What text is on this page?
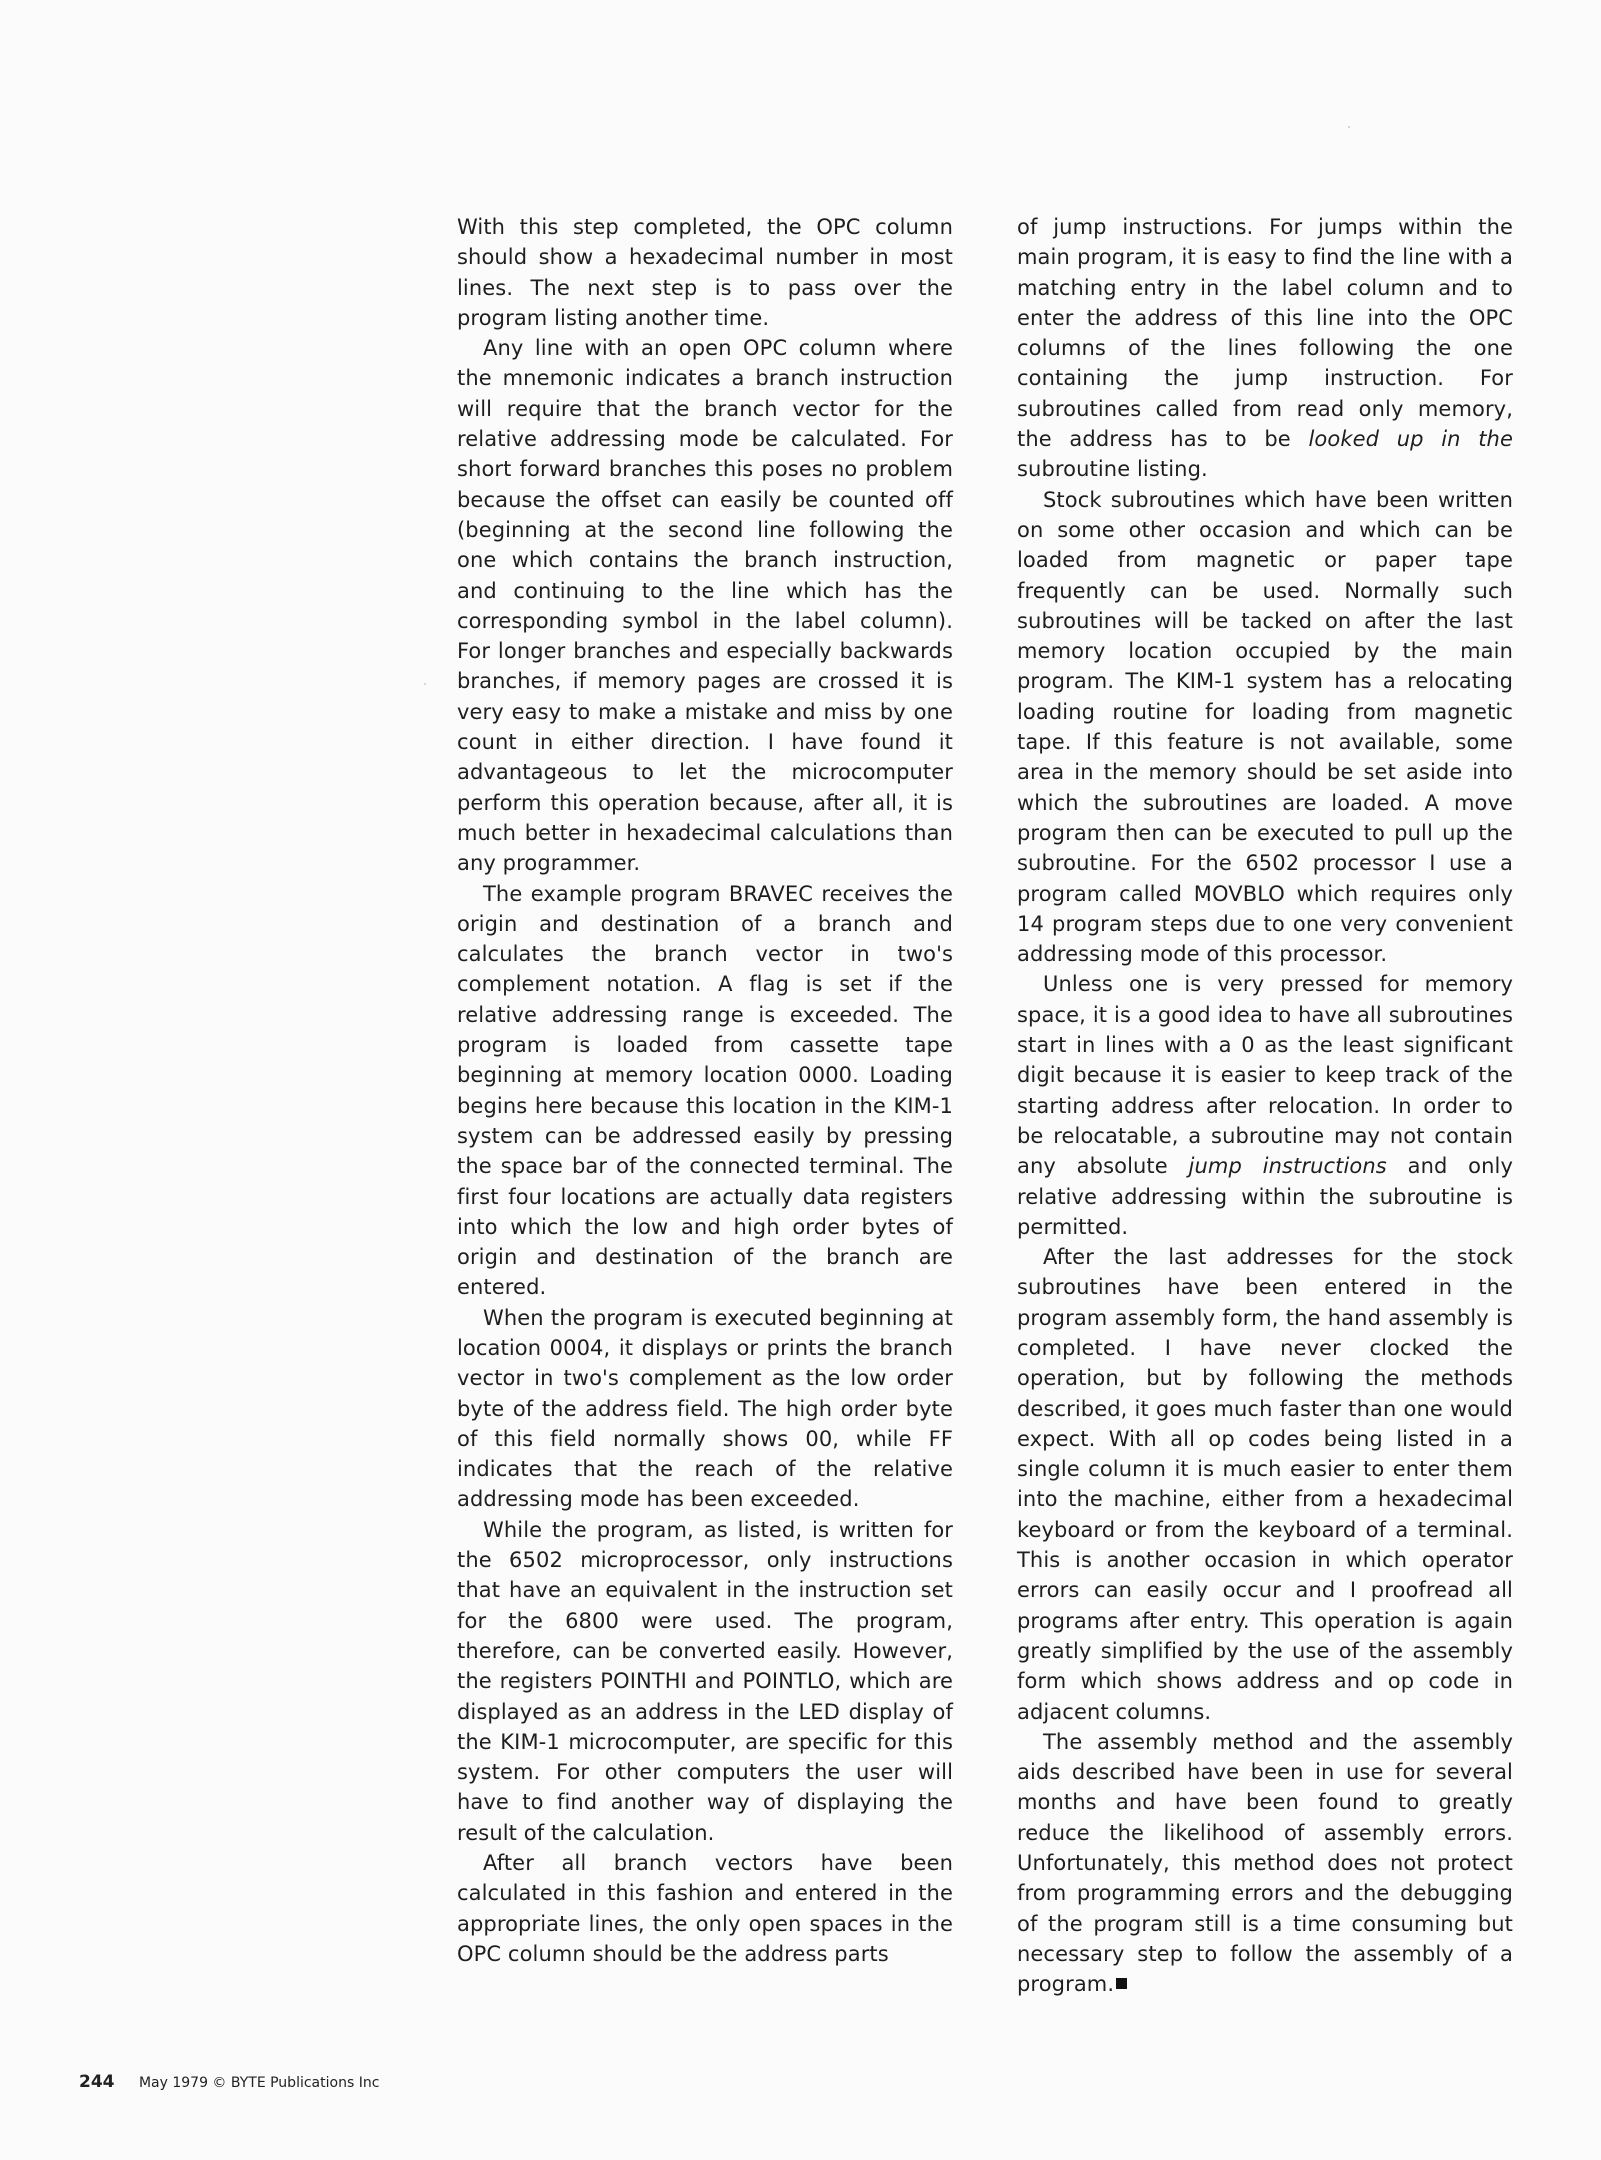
With this step completed, the OPC column should show a hexadecimal number in most lines. The next step is to pass over the program listing another time.

Any line with an open OPC column where the mnemonic indicates a branch instruction will require that the branch vector for the relative addressing mode be calculated. For short forward branches this poses no problem because the offset can easily be counted off (beginning at the second line following the one which contains the branch instruction, and continuing to the line which has the corresponding symbol in the label column). For longer branches and especially backwards branches, if memory pages are crossed it is very easy to make a mistake and miss by one count in either direction. I have found it advantageous to let the microcomputer perform this operation because, after all, it is much better in hexadecimal calculations than any programmer.

The example program BRAVEC receives the origin and destination of a branch and calculates the branch vector in two's complement notation. A flag is set if the relative addressing range is exceeded. The program is loaded from cassette tape beginning at memory location 0000. Loading begins here because this location in the KIM-1 system can be addressed easily by pressing the space bar of the connected terminal. The first four locations are actually data registers into which the low and high order bytes of origin and destination of the branch are entered.

When the program is executed beginning at location 0004, it displays or prints the branch vector in two's complement as the low order byte of the address field. The high order byte of this field normally shows 00, while FF indicates that the reach of the relative addressing mode has been exceeded.

While the program, as listed, is written for the 6502 microprocessor, only instructions that have an equivalent in the instruction set for the 6800 were used. The program, therefore, can be converted easily. However, the registers POINTHI and POINTLO, which are displayed as an address in the LED display of the KIM-1 microcomputer, are specific for this system. For other computers the user will have to find another way of displaying the result of the calculation.

After all branch vectors have been calculated in this fashion and entered in the appropriate lines, the only open spaces in the OPC column should be the address parts

of jump instructions. For jumps within the main program, it is easy to find the line with a matching entry in the label column and to enter the address of this line into the OPC columns of the lines following the one containing the jump instruction. For subroutines called from read only memory, the address has to be looked up in the subroutine listing.

Stock subroutines which have been written on some other occasion and which can be loaded from magnetic or paper tape frequently can be used. Normally such subroutines will be tacked on after the last memory location occupied by the main program. The KIM-1 system has a relocating loading routine for loading from magnetic tape. If this feature is not available, some area in the memory should be set aside into which the subroutines are loaded. A move program then can be executed to pull up the subroutine. For the 6502 processor I use a program called MOVBLO which requires only 14 program steps due to one very convenient addressing mode of this processor.

Unless one is very pressed for memory space, it is a good idea to have all subroutines start in lines with a 0 as the least significant digit because it is easier to keep track of the starting address after relocation. In order to be relocatable, a subroutine may not contain any absolute jump instructions and only relative addressing within the subroutine is permitted.

After the last addresses for the stock subroutines have been entered in the program assembly form, the hand assembly is completed. I have never clocked the operation, but by following the methods described, it goes much faster than one would expect. With all op codes being listed in a single column it is much easier to enter them into the machine, either from a hexadecimal keyboard or from the keyboard of a terminal. This is another occasion in which operator errors can easily occur and I proofread all programs after entry. This operation is again greatly simplified by the use of the assembly form which shows address and op code in adjacent columns.

The assembly method and the assembly aids described have been in use for several months and have been found to greatly reduce the likelihood of assembly errors. Unfortunately, this method does not protect from programming errors and the debugging of the program still is a time consuming but necessary step to follow the assembly of a program.

244 May 1979 © BYTE Publications Inc
